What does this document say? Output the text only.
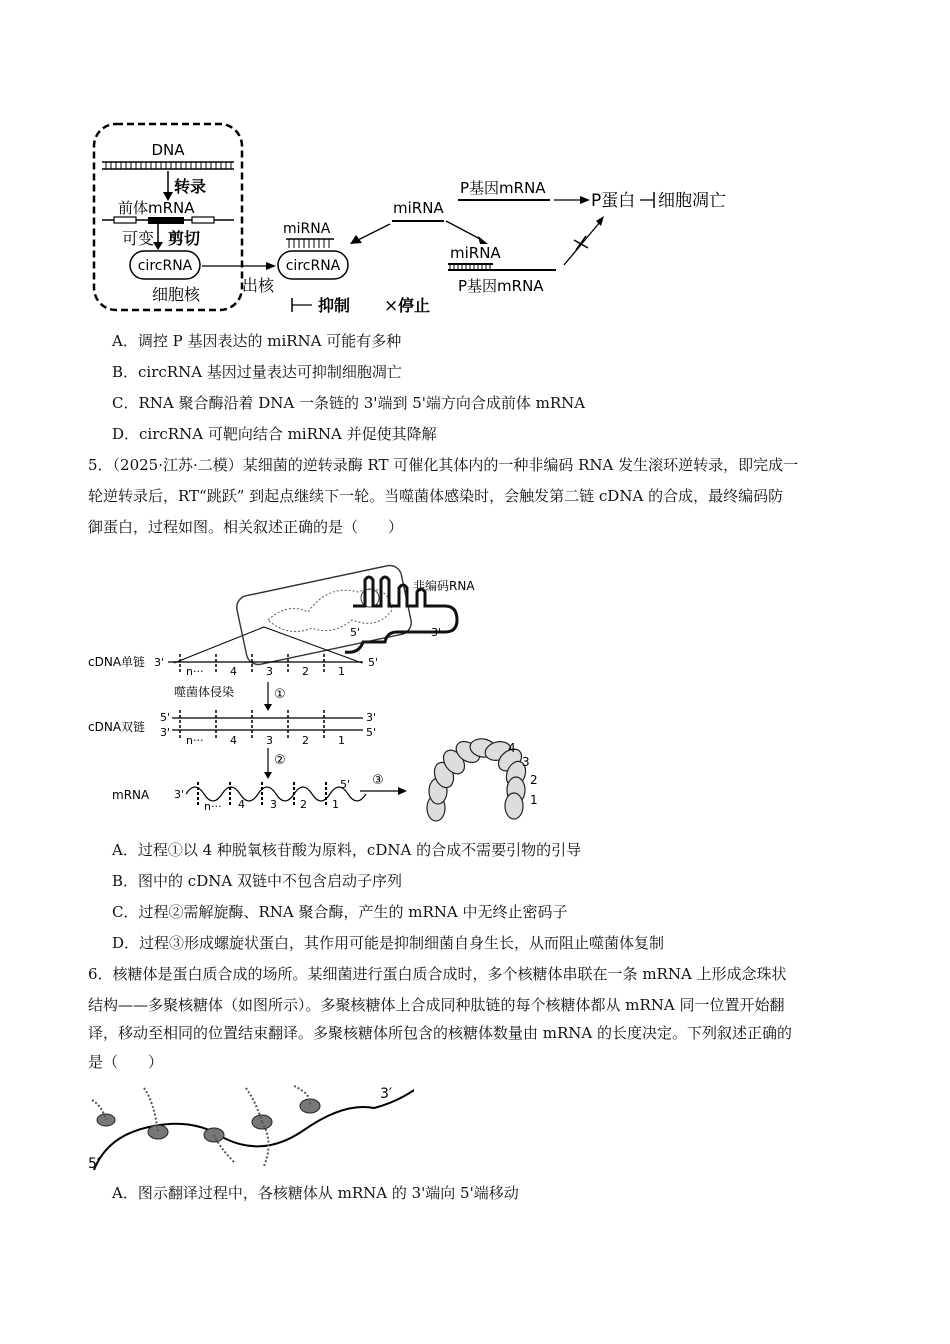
DNA
转录
前体mRNA
可变 剪切
circRNA
细胞核	出核
miRNA
circRNA
miRNA
P基因mRNA
P蛋白 细胞凋亡
miRNA
P基因mRNA
抑制 × 停止
A．调控 P 基因表达的 miRNA 可能有多种
B．circRNA 基因过量表达可抑制细胞凋亡
C．RNA 聚合酶沿着 DNA 一条链的 3'端到 5'端方向合成前体 mRNA
D．circRNA 可靶向结合 miRNA 并促使其降解
5．（2025·江苏·二模）某细菌的逆转录酶 RT 可催化其体内的一种非编码 RNA 发生滚环逆转录，即完成一
轮逆转录后，RT“跳跃” 到起点继续下一轮。当噬菌体感染时，会触发第二链 cDNA 的合成，最终编码防
御蛋白，过程如图。相关叙述正确的是（　　）
非编码RNA
5'	3'
cDNA单链 3'	5'
n··· 4	3	2	1
噬菌体侵染	①
cDNA双链
5'
3'
3'
5'
n··· 4	3	2	1
②
mRNA 3'
5'
n··· 4 3 2 1
③
4
3
2
1
A．过程①以 4 种脱氧核苷酸为原料，cDNA 的合成不需要引物的引导
B．图中的 cDNA 双链中不包含启动子序列
C．过程②需解旋酶、RNA 聚合酶，产生的 mRNA 中无终止密码子
D．过程③形成螺旋状蛋白，其作用可能是抑制细菌自身生长，从而阻止噬菌体复制
6．核糖体是蛋白质合成的场所。某细菌进行蛋白质合成时，多个核糖体串联在一条 mRNA 上形成念珠状
结构——多聚核糖体（如图所示）。多聚核糖体上合成同种肽链的每个核糖体都从 mRNA 同一位置开始翻
译，移动至相同的位置结束翻译。多聚核糖体所包含的核糖体数量由 mRNA 的长度决定。下列叙述正确的
是（　　）
3′
5′
A．图示翻译过程中，各核糖体从 mRNA 的 3'端向 5'端移动
